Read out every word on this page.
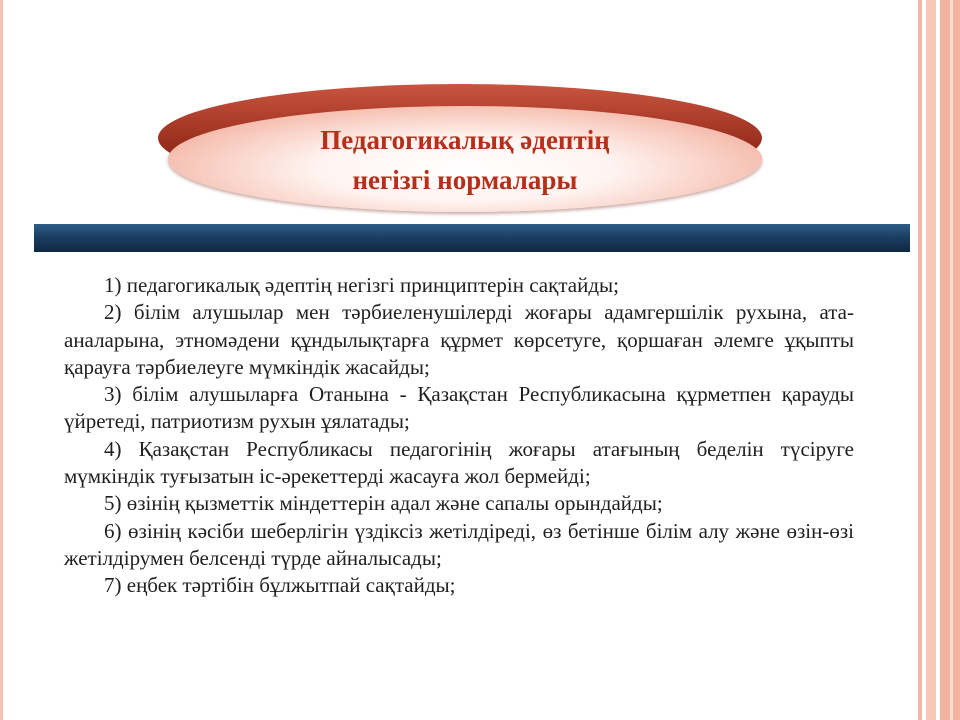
Педагогикалық әдептің
негізгі нормалары

1) педагогикалық әдептің негізгі принциптерін сақтайды;

2) білім алушылар мен тәрбиеленушілерді жоғары адамгершілік рухына, ата-аналарына, этномәдени құндылықтарға құрмет көрсетуге, қоршаған әлемге ұқыпты қарауға тәрбиелеуге мүмкіндік жасайды;

3) білім алушыларға Отанына - Қазақстан Республикасына құрметпен қарауды үйретеді, патриотизм рухын ұялатады;

4) Қазақстан Республикасы педагогінің жоғары атағының беделін түсіруге мүмкіндік туғызатын іс-әрекеттерді жасауға жол бермейді;

5) өзінің қызметтік міндеттерін адал және сапалы орындайды;

6) өзінің кәсіби шеберлігін үздіксіз жетілдіреді, өз бетінше білім алу және өзін-өзі жетілдірумен белсенді түрде айналысады;

7) еңбек тәртібін бұлжытпай сақтайды;
